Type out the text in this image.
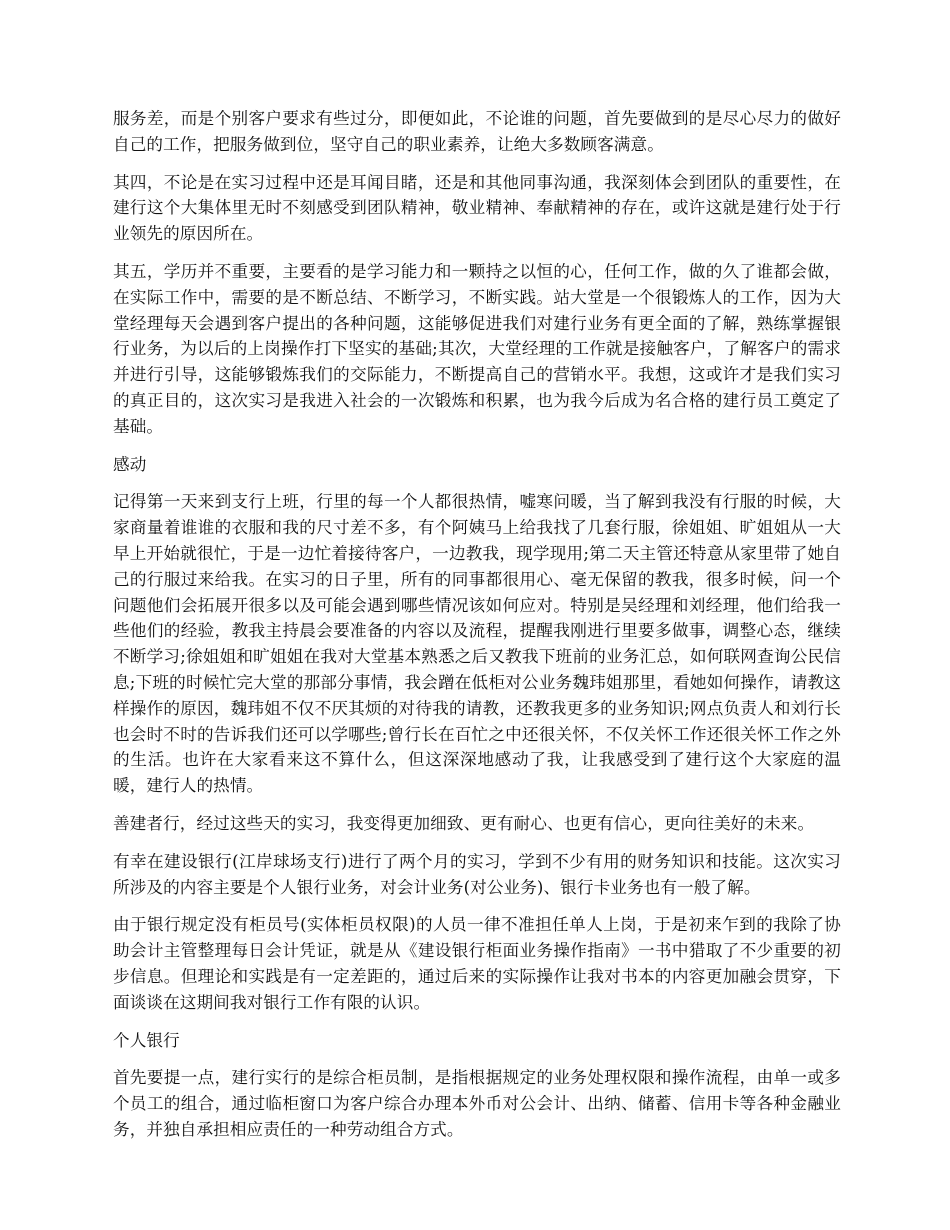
服务差，而是个别客户要求有些过分，即便如此，不论谁的问题，首先要做到的是尽心尽力的做好自己的工作，把服务做到位，坚守自己的职业素养，让绝大多数顾客满意。

其四，不论是在实习过程中还是耳闻目睹，还是和其他同事沟通，我深刻体会到团队的重要性，在建行这个大集体里无时不刻感受到团队精神，敬业精神、奉献精神的存在，或许这就是建行处于行业领先的原因所在。

其五，学历并不重要，主要看的是学习能力和一颗持之以恒的心，任何工作，做的久了谁都会做，在实际工作中，需要的是不断总结、不断学习，不断实践。站大堂是一个很锻炼人的工作，因为大堂经理每天会遇到客户提出的各种问题，这能够促进我们对建行业务有更全面的了解，熟练掌握银行业务，为以后的上岗操作打下坚实的基础;其次，大堂经理的工作就是接触客户，了解客户的需求并进行引导，这能够锻炼我们的交际能力，不断提高自己的营销水平。我想，这或许才是我们实习的真正目的，这次实习是我进入社会的一次锻炼和积累，也为我今后成为名合格的建行员工奠定了基础。

感动

记得第一天来到支行上班，行里的每一个人都很热情，嘘寒问暖，当了解到我没有行服的时候，大家商量着谁谁的衣服和我的尺寸差不多，有个阿姨马上给我找了几套行服，徐姐姐、旷姐姐从一大早上开始就很忙，于是一边忙着接待客户，一边教我，现学现用;第二天主管还特意从家里带了她自己的行服过来给我。在实习的日子里，所有的同事都很用心、毫无保留的教我，很多时候，问一个问题他们会拓展开很多以及可能会遇到哪些情况该如何应对。特别是吴经理和刘经理，他们给我一些他们的经验，教我主持晨会要准备的内容以及流程，提醒我刚进行里要多做事，调整心态，继续不断学习;徐姐姐和旷姐姐在我对大堂基本熟悉之后又教我下班前的业务汇总，如何联网查询公民信息;下班的时候忙完大堂的那部分事情，我会蹭在低柜对公业务魏玮姐那里，看她如何操作，请教这样操作的原因，魏玮姐不仅不厌其烦的对待我的请教，还教我更多的业务知识;网点负责人和刘行长也会时不时的告诉我们还可以学哪些;曾行长在百忙之中还很关怀，不仅关怀工作还很关怀工作之外的生活。也许在大家看来这不算什么，但这深深地感动了我，让我感受到了建行这个大家庭的温暖，建行人的热情。

善建者行，经过这些天的实习，我变得更加细致、更有耐心、也更有信心，更向往美好的未来。

有幸在建设银行(江岸球场支行)进行了两个月的实习，学到不少有用的财务知识和技能。这次实习所涉及的内容主要是个人银行业务，对会计业务(对公业务)、银行卡业务也有一般了解。

由于银行规定没有柜员号(实体柜员权限)的人员一律不准担任单人上岗，于是初来乍到的我除了协助会计主管整理每日会计凭证，就是从《建设银行柜面业务操作指南》一书中猎取了不少重要的初步信息。但理论和实践是有一定差距的，通过后来的实际操作让我对书本的内容更加融会贯穿，下面谈谈在这期间我对银行工作有限的认识。

个人银行

首先要提一点，建行实行的是综合柜员制，是指根据规定的业务处理权限和操作流程，由单一或多个员工的组合，通过临柜窗口为客户综合办理本外币对公会计、出纳、储蓄、信用卡等各种金融业务，并独自承担相应责任的一种劳动组合方式。
